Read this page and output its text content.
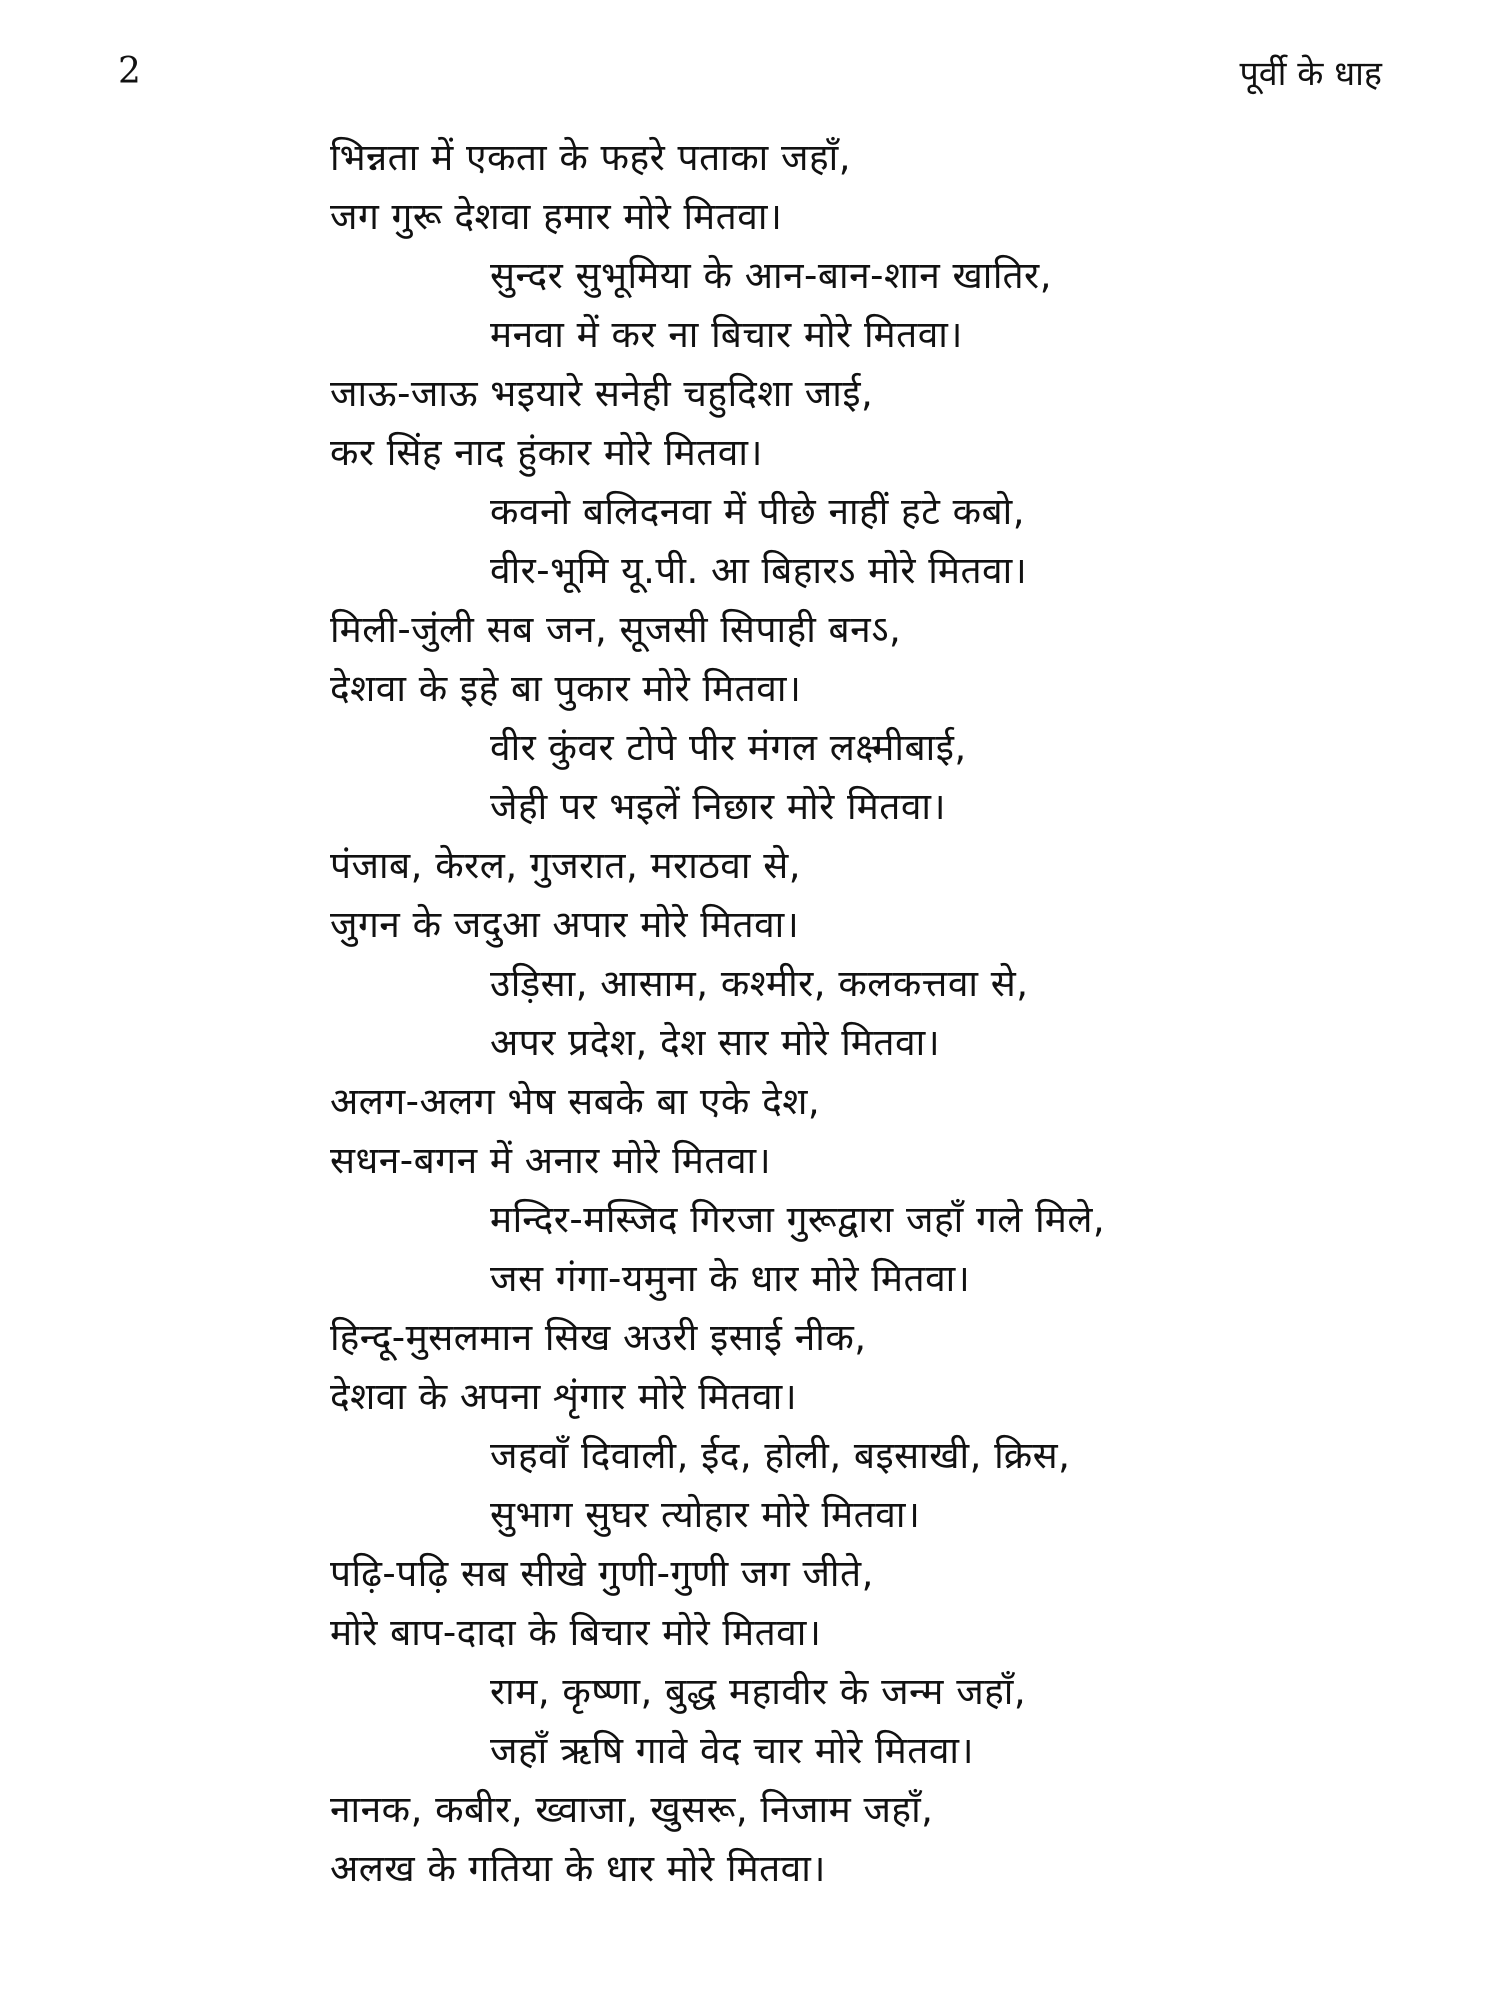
2	पूर्वी के धाह
भिन्नता में एकता के फहरे पताका जहाँ,
जग गुरू देशवा हमार मोरे मितवा।
सुन्दर सुभूमिया के आन-बान-शान खातिर,
मनवा में कर ना बिचार मोरे मितवा।
जाऊ-जाऊ भइयारे सनेही चहुदिशा जाई,
कर सिंह नाद हुंकार मोरे मितवा।
कवनो बलिदनवा में पीछे नाहीं हटे कबो,
वीर-भूमि यू.पी. आ बिहारऽ मोरे मितवा।
मिली-जुंली सब जन, सूजसी सिपाही बनऽ,
देशवा के इहे बा पुकार मोरे मितवा।
वीर कुंवर टोपे पीर मंगल लक्ष्मीबाई,
जेही पर भइलें निछार मोरे मितवा।
पंजाब, केरल, गुजरात, मराठवा से,
जुगन के जदुआ अपार मोरे मितवा।
उड़िसा, आसाम, कश्मीर, कलकत्तवा से,
अपर प्रदेश, देश सार मोरे मितवा।
अलग-अलग भेष सबके बा एके देश,
सधन-बगन में अनार मोरे मितवा।
मन्दिर-मस्जिद गिरजा गुरूद्वारा जहाँ गले मिले,
जस गंगा-यमुना के धार मोरे मितवा।
हिन्दू-मुसलमान सिख अउरी इसाई नीक,
देशवा के अपना शृंगार मोरे मितवा।
जहवाँ दिवाली, ईद, होली, बइसाखी, क्रिस,
सुभाग सुघर त्योहार मोरे मितवा।
पढ़ि-पढ़ि सब सीखे गुणी-गुणी जग जीते,
मोरे बाप-दादा के बिचार मोरे मितवा।
राम, कृष्णा, बुद्ध महावीर के जन्म जहाँ,
जहाँ ऋषि गावे वेद चार मोरे मितवा।
नानक, कबीर, ख्वाजा, खुसरू, निजाम जहाँ,
अलख के गतिया के धार मोरे मितवा।
